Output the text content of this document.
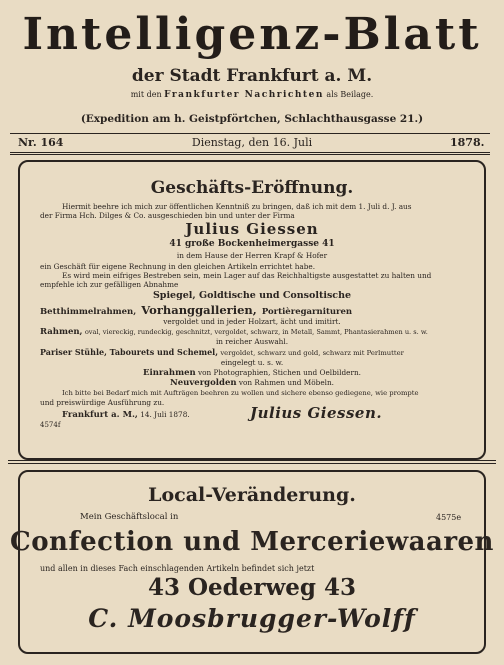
Intelligenz-Blatt
der Stadt Frankfurt a. M.
mit den Frankfurter Nachrichten als Beilage.
(Expedition am h. Geistpförtchen, Schlachthausgasse 21.)
Nr. 164	Dienstag, den 16. Juli	1878.
Geschäfts-Eröffnung.
Hiermit beehre ich mich zur öffentlichen Kenntniß zu bringen, daß ich mit dem 1. Juli d. J. aus
der Firma Hch. Dilges & Co. ausgeschieden bin und unter der Firma
Julius Giessen
41 große Bockenheimergasse 41
in dem Hause der Herren Krapf & Hofer
ein Geschäft für eigene Rechnung in den gleichen Artikeln errichtet habe.
Es wird mein eifriges Bestreben sein, mein Lager auf das Reichhaltigste ausgestattet zu halten und
empfehle ich zur gefälligen Abnahme
Spiegel, Goldtische und Consoltische
Betthimmelrahmen, Vorhanggallerien, Portièregarnituren
vergoldet und in jeder Holzart, ächt und imitirt.
Rahmen, oval, viereckig, rundeckig, geschnitzt, vergoldet, schwarz, in Metall, Sammt, Phantasierahmen u. s. w.
in reicher Auswahl.
Pariser Stühle, Tabourets und Schemel, vergoldet, schwarz und gold, schwarz mit Perlmutter
eingelegt u. s. w.
Einrahmen von Photographien, Stichen und Oelbildern.
Neuvergolden von Rahmen und Möbeln.
Ich bitte bei Bedarf mich mit Aufträgen beehren zu wollen und sichere ebenso gediegene, wie prompte
und preiswürdige Ausführung zu.
Frankfurt a. M., 14. Juli 1878.	Julius Giessen.
4574f
Local-Veränderung.
Mein Geschäftslocal in	4575e
Confection und Merceriewaaren
und allen in dieses Fach einschlagenden Artikeln befindet sich jetzt
43 Oederweg 43
C. Moosbrugger-Wolff
